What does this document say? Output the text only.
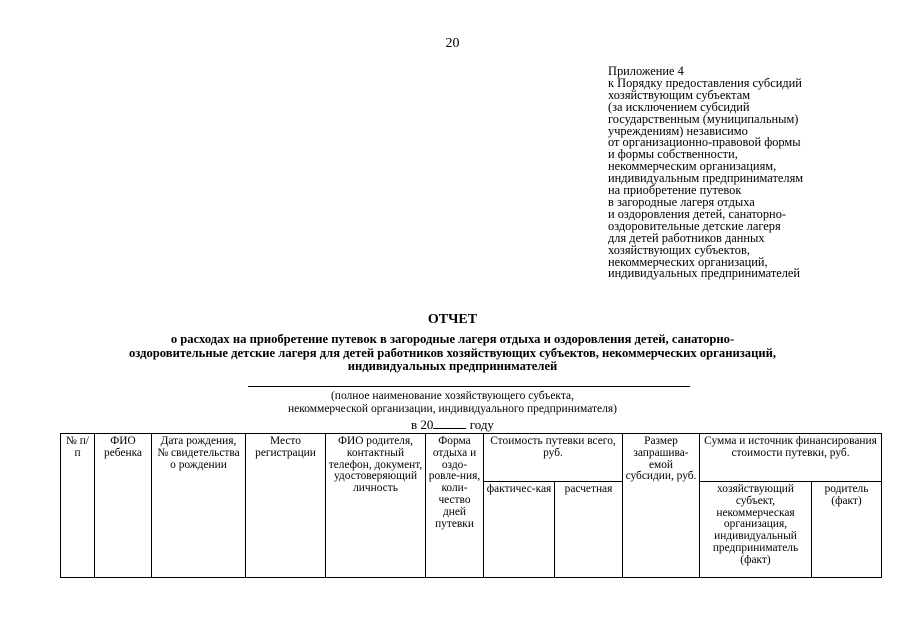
20
Приложение 4
к Порядку предоставления субсидий
хозяйствующим субъектам
(за исключением субсидий
государственным (муниципальным)
учреждениям) независимо
от организационно-правовой формы
и формы собственности,
некоммерческим организациям,
индивидуальным предпринимателям
на приобретение путевок
в загородные лагеря отдыха
и оздоровления детей, санаторно-
оздоровительные детские лагеря
для детей работников данных
хозяйствующих субъектов,
некоммерческих организаций,
индивидуальных предпринимателей
ОТЧЕТ
о расходах на приобретение путевок в загородные лагеря отдыха и оздоровления детей, санаторно-
оздоровительные детские лагеря для детей работников хозяйствующих субъектов, некоммерческих организаций,
индивидуальных предпринимателей
(полное наименование хозяйствующего субъекта,
некоммерческой организации, индивидуального предпринимателя)
в 20	году
№ п/п	ФИО ребенка	Дата рождения, № свидетельства о рождении	Место регистрации	ФИО родителя, контактный телефон, документ, удостоверяющий личность	Форма отдыха и оздо-ровле-ния, коли-чество дней путевки	Стоимость путевки всего, руб.		Размер запрашива-емой субсидии, руб.	Сумма и источник финансирования стоимости путевки, руб.	
						фактичес-кая	расчетная		хозяйствующий субъект, некоммерческая организация, индивидуальный предприниматель (факт)	родитель (факт)
